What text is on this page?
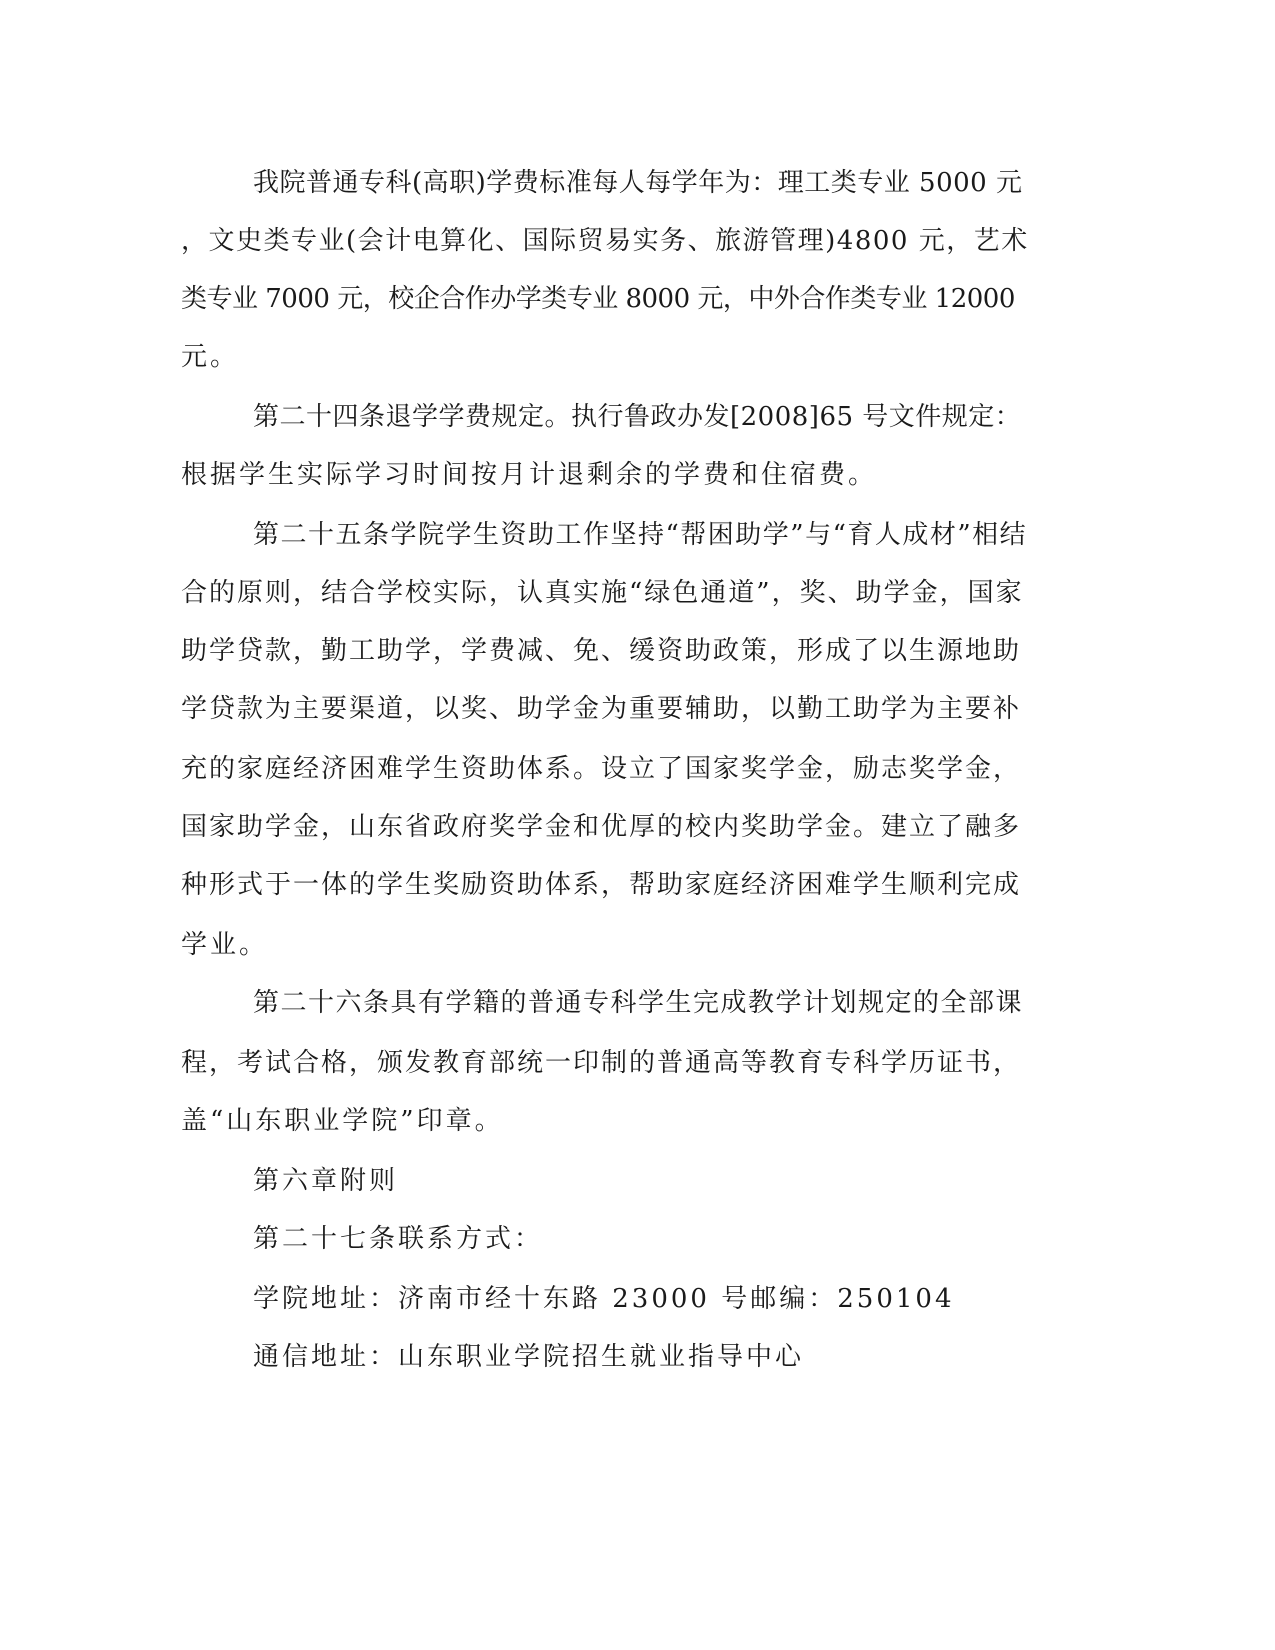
我院普通专科(高职)学费标准每人每学年为：理工类专业 5000 元
，文史类专业(会计电算化、国际贸易实务、旅游管理)4800 元，艺术
类专业 7000 元，校企合作办学类专业 8000 元，中外合作类专业 12000
元。
第二十四条退学学费规定。执行鲁政办发[2008]65 号文件规定：
根据学生实际学习时间按月计退剩余的学费和住宿费。
第二十五条学院学生资助工作坚持“帮困助学”与“育人成材”相结
合的原则，结合学校实际，认真实施“绿色通道”，奖、助学金，国家
助学贷款，勤工助学，学费减、免、缓资助政策，形成了以生源地助
学贷款为主要渠道，以奖、助学金为重要辅助，以勤工助学为主要补
充的家庭经济困难学生资助体系。设立了国家奖学金，励志奖学金，
国家助学金，山东省政府奖学金和优厚的校内奖助学金。建立了融多
种形式于一体的学生奖励资助体系，帮助家庭经济困难学生顺利完成
学业。
第二十六条具有学籍的普通专科学生完成教学计划规定的全部课
程，考试合格，颁发教育部统一印制的普通高等教育专科学历证书，
盖“山东职业学院”印章。
第六章附则
第二十七条联系方式：
学院地址：济南市经十东路 23000 号邮编：250104
通信地址：山东职业学院招生就业指导中心
